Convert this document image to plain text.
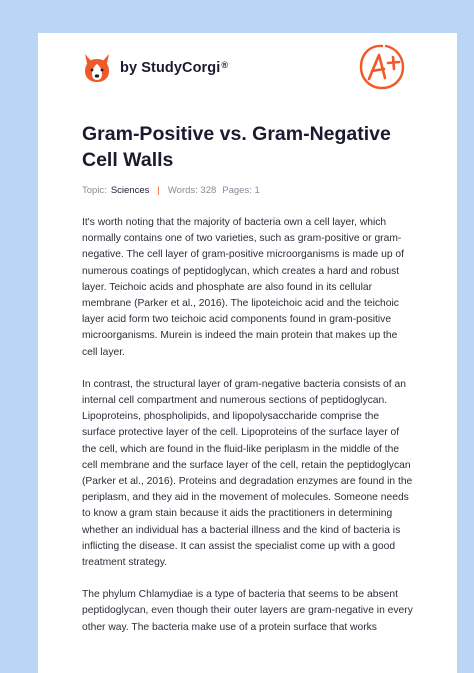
by StudyCorgi®
Gram-Positive vs. Gram-Negative Cell Walls
Topic: Sciences | Words: 328 Pages: 1

It's worth noting that the majority of bacteria own a cell layer, which normally contains one of two varieties, such as gram-positive or gram-negative. The cell layer of gram-positive microorganisms is made up of numerous coatings of peptidoglycan, which creates a hard and robust layer. Teichoic acids and phosphate are also found in its cellular membrane (Parker et al., 2016). The lipoteichoic acid and the teichoic layer acid form two teichoic acid components found in gram-positive microorganisms. Murein is indeed the main protein that makes up the cell layer.

In contrast, the structural layer of gram-negative bacteria consists of an internal cell compartment and numerous sections of peptidoglycan. Lipoproteins, phospholipids, and lipopolysaccharide comprise the surface protective layer of the cell. Lipoproteins of the surface layer of the cell, which are found in the fluid-like periplasm in the middle of the cell membrane and the surface layer of the cell, retain the peptidoglycan (Parker et al., 2016). Proteins and degradation enzymes are found in the periplasm, and they aid in the movement of molecules. Someone needs to know a gram stain because it aids the practitioners in determining whether an individual has a bacterial illness and the kind of bacteria is inflicting the disease. It can assist the specialist come up with a good treatment strategy.

The phylum Chlamydiae is a type of bacteria that seems to be absent peptidoglycan, even though their outer layers are gram-negative in every other way. The bacteria make use of a protein surface that works
